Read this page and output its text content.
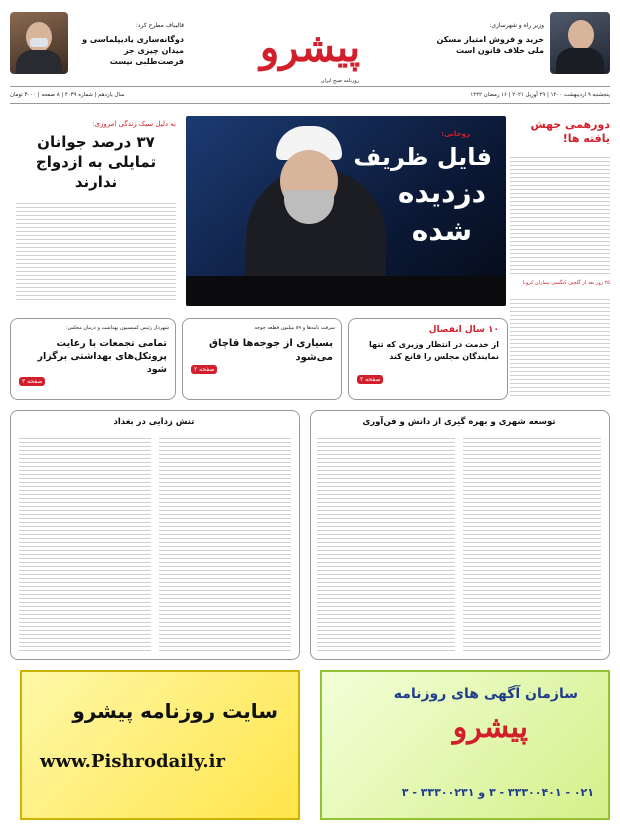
وزیر راه و شهرسازی:
خرید و فروش امتیاز مسکن ملی خلاف قانون است
پیشرو
روزنامه صبح ایران
قالیباف مطرح کرد:
دوگانه‌سازی یادیپلماسی و میدان چیزی جز فرصت‌طلبی نیست
پنجشنبه ۹ اردیبهشت ۱۴۰۰ | ۲۹ آوریل ۲۰۲۱ | ۱۶ رمضان ۱۴۴۲
سال یازدهم | شماره ۴۰۳۹ | ۸ صفحه | ۳۰۰۰ تومان
دورهمی جهش یافته ها!
۲۵ روز بعد از گلچین کنگسی بیماران کرونا
روحانی:
فایل ظریف
دزدیده
شده
به دلیل سبک زندگی امروزی:
۳۷ درصد جوانان تمایلی به ازدواج ندارند
۱۰ سال انفصال
از خدمت در انتظار وزیری که تنها نمایندگان مجلس را قانع کند
صفحه ۲
سرقت نامه‌ها و ۸۹ میلیون قطعه جوجه
بسیاری از جوجه‌ها قاچاق می‌شود
صفحه ۲
شهردار رئیس کمیسیون بهداشت و درمان مجلس:
تمامی تجمعات با رعایت پروتکل‌های بهداشتی برگزار شود
صفحه ۲
توسعه شهری و بهره گیری از دانش و فن‌آوری
تنش زدایی در بغداد
سایت روزنامه پیشرو
www.Pishrodaily.ir
سازمان آگهی های روزنامه
پیشرو
۰۲۱ - ۳۳۳۰۰۴۰۱ - ۳ و ۳۳۳۰۰۲۳۱ - ۳
